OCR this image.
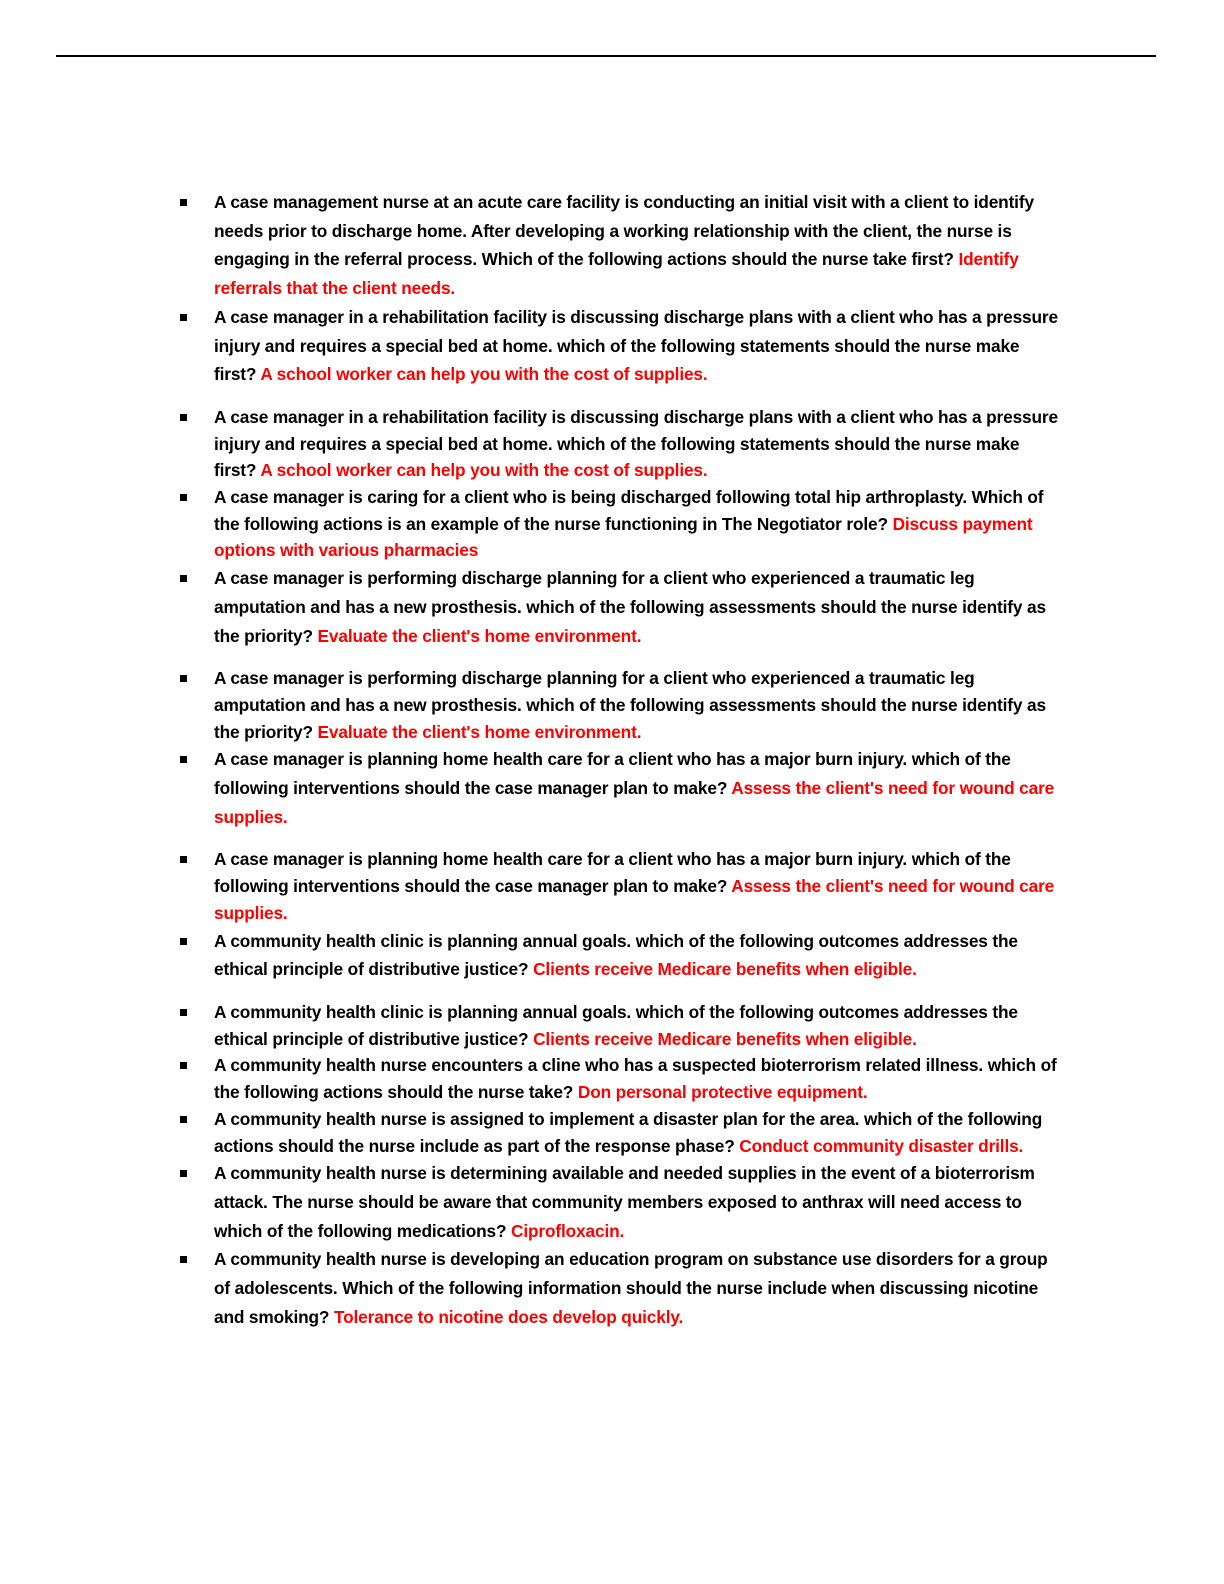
A case management nurse at an acute care facility is conducting an initial visit with a client to identify needs prior to discharge home. After developing a working relationship with the client, the nurse is engaging in the referral process. Which of the following actions should the nurse take first? Identify referrals that the client needs.
A case manager in a rehabilitation facility is discussing discharge plans with a client who has a pressure injury and requires a special bed at home. which of the following statements should the nurse make first? A school worker can help you with the cost of supplies.
A case manager in a rehabilitation facility is discussing discharge plans with a client who has a pressure injury and requires a special bed at home. which of the following statements should the nurse make first? A school worker can help you with the cost of supplies.
A case manager is caring for a client who is being discharged following total hip arthroplasty. Which of the following actions is an example of the nurse functioning in The Negotiator role? Discuss payment options with various pharmacies
A case manager is performing discharge planning for a client who experienced a traumatic leg amputation and has a new prosthesis. which of the following assessments should the nurse identify as the priority? Evaluate the client's home environment.
A case manager is performing discharge planning for a client who experienced a traumatic leg amputation and has a new prosthesis. which of the following assessments should the nurse identify as the priority? Evaluate the client's home environment.
A case manager is planning home health care for a client who has a major burn injury. which of the following interventions should the case manager plan to make? Assess the client's need for wound care supplies.
A case manager is planning home health care for a client who has a major burn injury. which of the following interventions should the case manager plan to make? Assess the client's need for wound care supplies.
A community health clinic is planning annual goals. which of the following outcomes addresses the ethical principle of distributive justice? Clients receive Medicare benefits when eligible.
A community health clinic is planning annual goals. which of the following outcomes addresses the ethical principle of distributive justice? Clients receive Medicare benefits when eligible.
A community health nurse encounters a cline who has a suspected bioterrorism related illness. which of the following actions should the nurse take? Don personal protective equipment.
A community health nurse is assigned to implement a disaster plan for the area. which of the following actions should the nurse include as part of the response phase? Conduct community disaster drills.
A community health nurse is determining available and needed supplies in the event of a bioterrorism attack. The nurse should be aware that community members exposed to anthrax will need access to which of the following medications? Ciprofloxacin.
A community health nurse is developing an education program on substance use disorders for a group of adolescents. Which of the following information should the nurse include when discussing nicotine and smoking? Tolerance to nicotine does develop quickly.
